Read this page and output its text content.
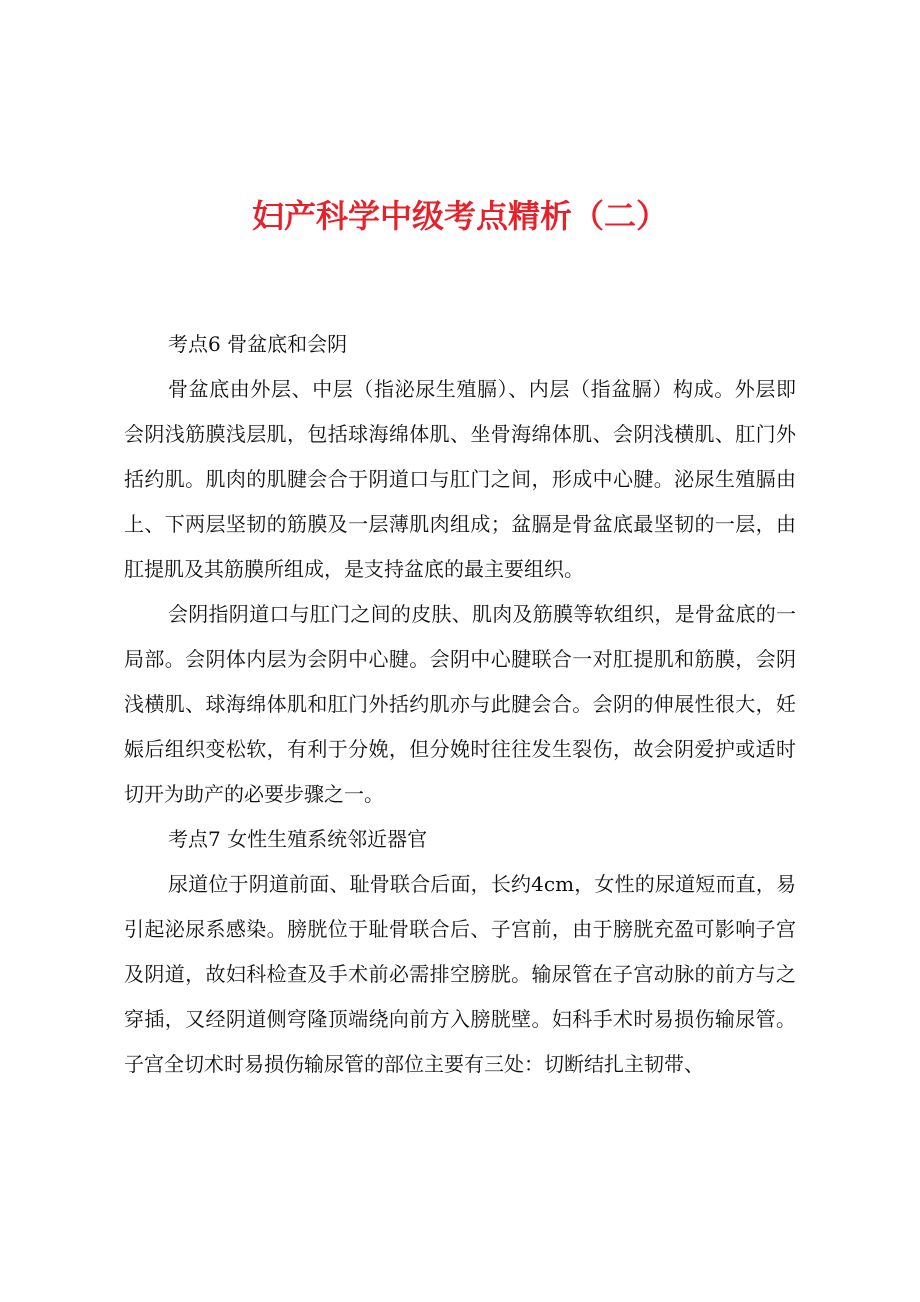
妇产科学中级考点精析（二）

考点6 骨盆底和会阴

骨盆底由外层、中层（指泌尿生殖膈）、内层（指盆膈）构成。外层即会阴浅筋膜浅层肌，包括球海绵体肌、坐骨海绵体肌、会阴浅横肌、肛门外括约肌。肌肉的肌腱会合于阴道口与肛门之间，形成中心腱。泌尿生殖膈由上、下两层坚韧的筋膜及一层薄肌肉组成；盆膈是骨盆底最坚韧的一层，由肛提肌及其筋膜所组成，是支持盆底的最主要组织。

会阴指阴道口与肛门之间的皮肤、肌肉及筋膜等软组织，是骨盆底的一局部。会阴体内层为会阴中心腱。会阴中心腱联合一对肛提肌和筋膜，会阴浅横肌、球海绵体肌和肛门外括约肌亦与此腱会合。会阴的伸展性很大，妊娠后组织变松软，有利于分娩，但分娩时往往发生裂伤，故会阴爱护或适时切开为助产的必要步骤之一。

考点7 女性生殖系统邻近器官

尿道位于阴道前面、耻骨联合后面，长约4cm，女性的尿道短而直，易引起泌尿系感染。膀胱位于耻骨联合后、子宫前，由于膀胱充盈可影响子宫及阴道，故妇科检查及手术前必需排空膀胱。输尿管在子宫动脉的前方与之穿插，又经阴道侧穹隆顶端绕向前方入膀胱壁。妇科手术时易损伤输尿管。子宫全切术时易损伤输尿管的部位主要有三处：切断结扎主韧带、
